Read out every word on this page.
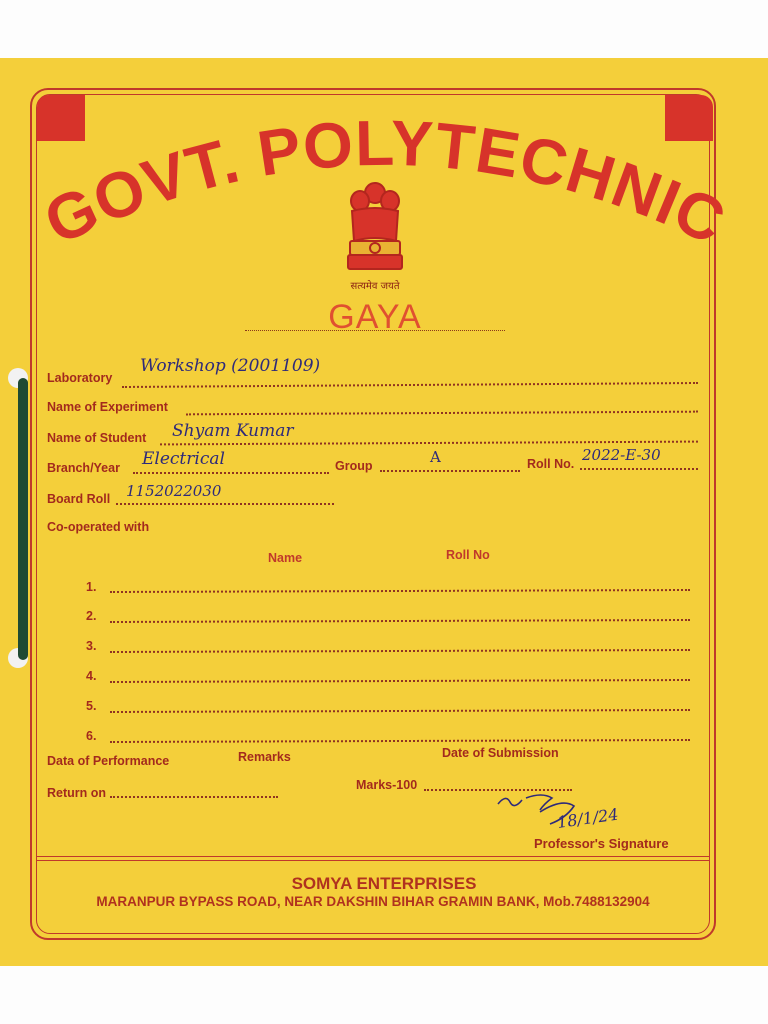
GOVT. POLYTECHNIC
सत्यमेव जयते
GAYA
Laboratory
Workshop (2001109)
Name of Experiment
Name of Student Shyam Kumar
Branch/Year Electrical	Group	A	Roll No. 2022-E-30
Board Roll 1152022030
Co-operated with
Name	Roll No
1.
2.
3.
4.
5.
6.
Data of Performance	Remarks	Date of Submission
Return on
Marks-100
18/1/24
Professor's Signature
SOMYA ENTERPRISES
MARANPUR BYPASS ROAD, NEAR DAKSHIN BIHAR GRAMIN BANK, Mob.7488132904
